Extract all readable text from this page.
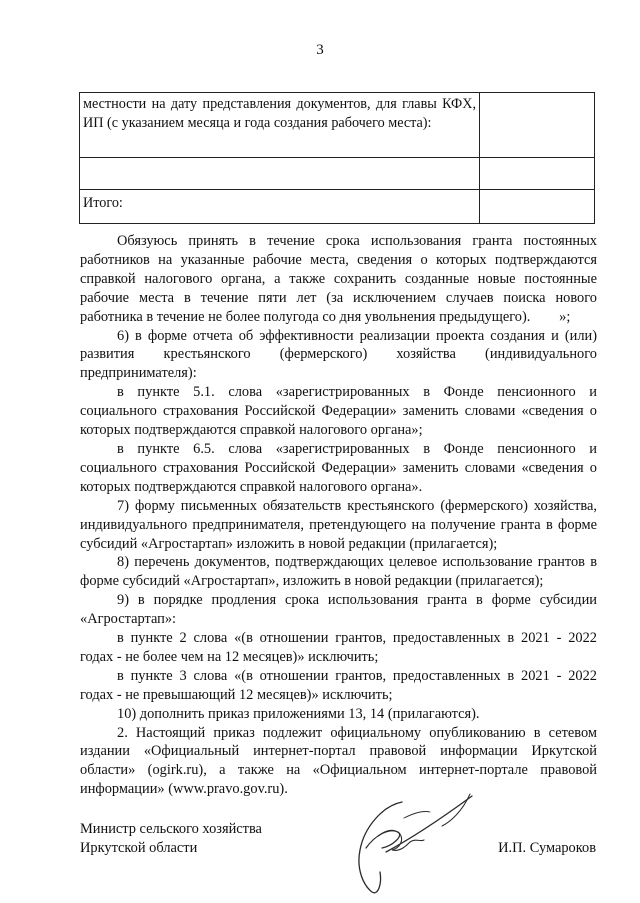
3
местности на дату представления документов, для главы КФХ, ИП (с указанием месяца и года создания рабочего места):	

Итого:	

Обязуюсь принять в течение срока использования гранта постоянных работников на указанные рабочие места, сведения о которых подтверждаются справкой налогового органа, а также сохранить созданные новые постоянные рабочие места в течение пяти лет (за исключением случаев поиска нового работника в течение не более полугода со дня увольнения предыдущего). »;

6) в форме отчета об эффективности реализации проекта создания и (или) развития крестьянского (фермерского) хозяйства (индивидуального предпринимателя):

в пункте 5.1. слова «зарегистрированных в Фонде пенсионного и социального страхования Российской Федерации» заменить словами «сведения о которых подтверждаются справкой налогового органа»;

в пункте 6.5. слова «зарегистрированных в Фонде пенсионного и социального страхования Российской Федерации» заменить словами «сведения о которых подтверждаются справкой налогового органа».

7) форму письменных обязательств крестьянского (фермерского) хозяйства, индивидуального предпринимателя, претендующего на получение гранта в форме субсидий «Агростартап» изложить в новой редакции (прилагается);

8) перечень документов, подтверждающих целевое использование грантов в форме субсидий «Агростартап», изложить в новой редакции (прилагается);

9) в порядке продления срока использования гранта в форме субсидии «Агростартап»:

в пункте 2 слова «(в отношении грантов, предоставленных в 2021 - 2022 годах - не более чем на 12 месяцев)» исключить;

в пункте 3 слова «(в отношении грантов, предоставленных в 2021 - 2022 годах - не превышающий 12 месяцев)» исключить;

10) дополнить приказ приложениями 13, 14 (прилагаются).

2. Настоящий приказ подлежит официальному опубликованию в сетевом издании «Официальный интернет-портал правовой информации Иркутской области» (ogirk.ru), а также на «Официальном интернет-портале правовой информации» (www.pravo.gov.ru).

Министр сельского хозяйства
Иркутской области	И.П. Сумароков
